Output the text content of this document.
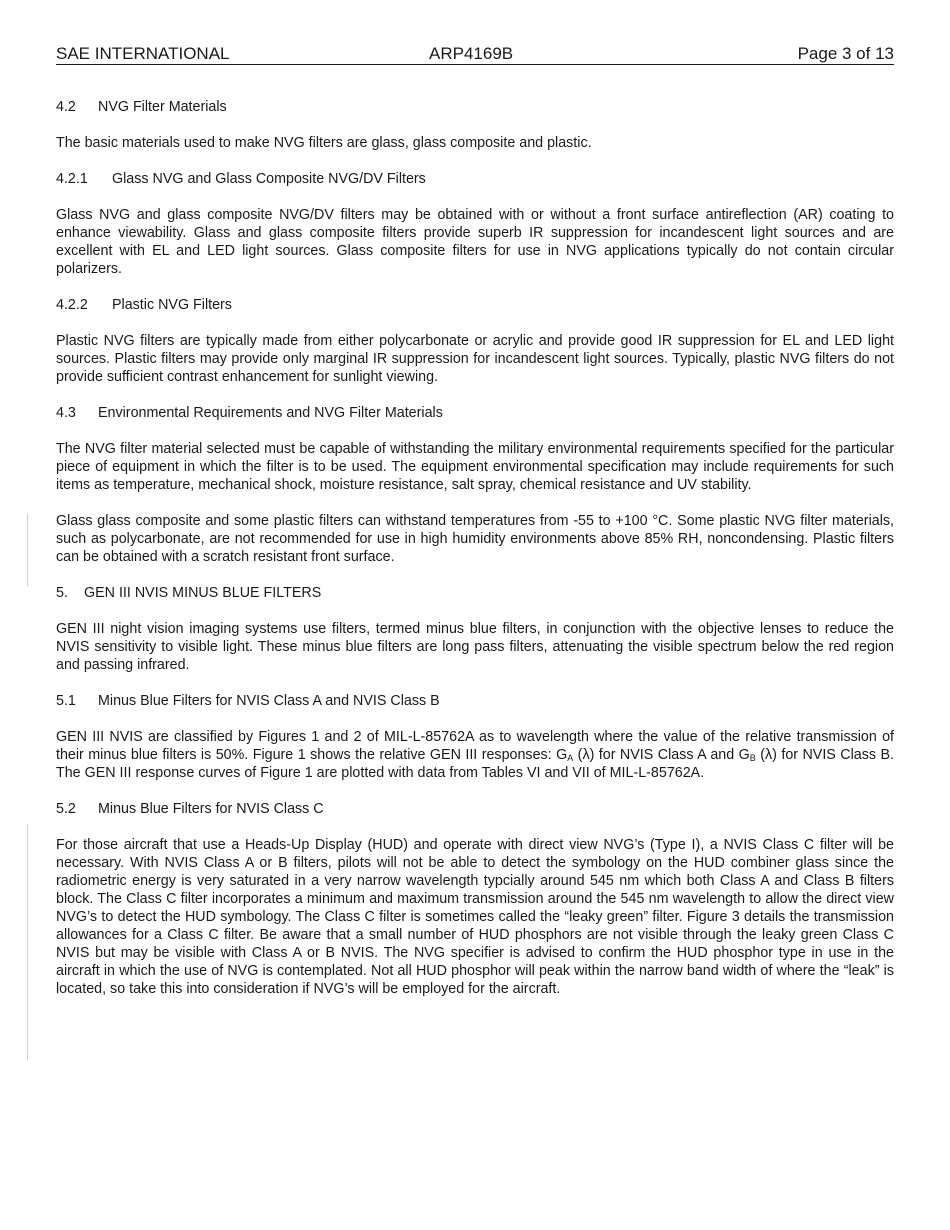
SAE INTERNATIONAL	ARP4169B	Page 3 of 13
4.2 NVG Filter Materials

The basic materials used to make NVG filters are glass, glass composite and plastic.

4.2.1 Glass NVG and Glass Composite NVG/DV Filters

Glass NVG and glass composite NVG/DV filters may be obtained with or without a front surface antireflection (AR) coating to enhance viewability. Glass and glass composite filters provide superb IR suppression for incandescent light sources and are excellent with EL and LED light sources. Glass composite filters for use in NVG applications typically do not contain circular polarizers.

4.2.2 Plastic NVG Filters

Plastic NVG filters are typically made from either polycarbonate or acrylic and provide good IR suppression for EL and LED light sources. Plastic filters may provide only marginal IR suppression for incandescent light sources. Typically, plastic NVG filters do not provide sufficient contrast enhancement for sunlight viewing.

4.3 Environmental Requirements and NVG Filter Materials

The NVG filter material selected must be capable of withstanding the military environmental requirements specified for the particular piece of equipment in which the filter is to be used. The equipment environmental specification may include requirements for such items as temperature, mechanical shock, moisture resistance, salt spray, chemical resistance and UV stability.

Glass glass composite and some plastic filters can withstand temperatures from -55 to +100 °C. Some plastic NVG filter materials, such as polycarbonate, are not recommended for use in high humidity environments above 85% RH, noncondensing. Plastic filters can be obtained with a scratch resistant front surface.

5. GEN III NVIS MINUS BLUE FILTERS

GEN III night vision imaging systems use filters, termed minus blue filters, in conjunction with the objective lenses to reduce the NVIS sensitivity to visible light. These minus blue filters are long pass filters, attenuating the visible spectrum below the red region and passing infrared.

5.1 Minus Blue Filters for NVIS Class A and NVIS Class B

GEN III NVIS are classified by Figures 1 and 2 of MIL-L-85762A as to wavelength where the value of the relative transmission of their minus blue filters is 50%. Figure 1 shows the relative GEN III responses: $G_A$ (λ) for NVIS Class A and $G_B$ (λ) for NVIS Class B. The GEN III response curves of Figure 1 are plotted with data from Tables VI and VII of MIL-L-85762A.

5.2 Minus Blue Filters for NVIS Class C

For those aircraft that use a Heads-Up Display (HUD) and operate with direct view NVG’s (Type I), a NVIS Class C filter will be necessary. With NVIS Class A or B filters, pilots will not be able to detect the symbology on the HUD combiner glass since the radiometric energy is very saturated in a very narrow wavelength typcially around 545 nm which both Class A and Class B filters block. The Class C filter incorporates a minimum and maximum transmission around the 545 nm wavelength to allow the direct view NVG’s to detect the HUD symbology. The Class C filter is sometimes called the “leaky green” filter. Figure 3 details the transmission allowances for a Class C filter. Be aware that a small number of HUD phosphors are not visible through the leaky green Class C NVIS but may be visible with Class A or B NVIS. The NVG specifier is advised to confirm the HUD phosphor type in use in the aircraft in which the use of NVG is contemplated. Not all HUD phosphor will peak within the narrow band width of where the “leak” is located, so take this into consideration if NVG’s will be employed for the aircraft.
